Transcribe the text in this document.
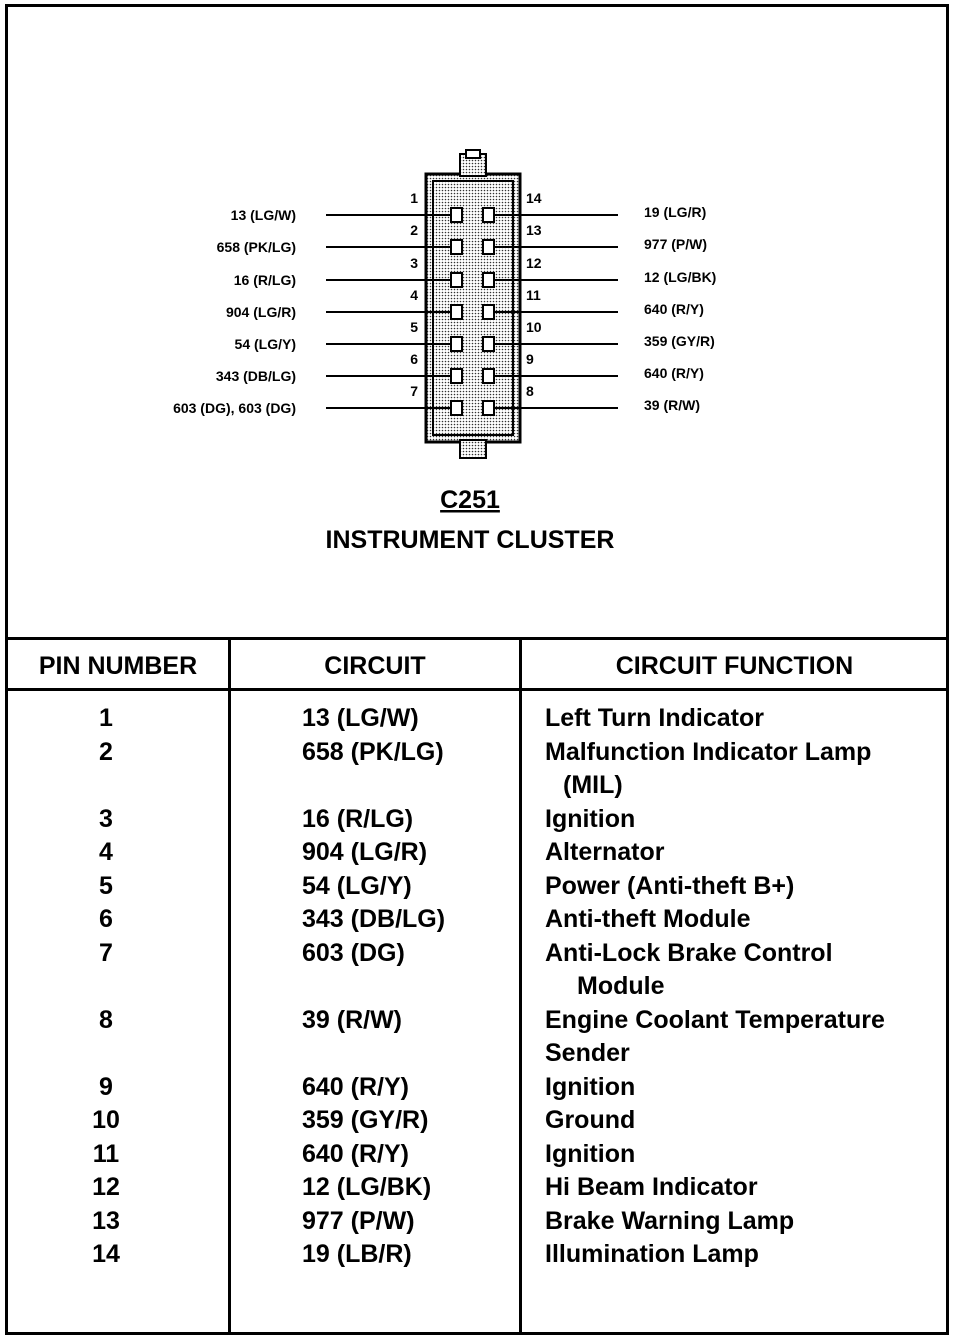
1
13 (LG/W)
2
658 (PK/LG)
3
16 (R/LG)
4
904 (LG/R)
5
54 (LG/Y)
6
343 (DB/LG)
7
603 (DG), 603 (DG)
14
19 (LG/R)
13
977 (P/W)
12
12 (LG/BK)
11
640 (R/Y)
10
359 (GY/R)
9
640 (R/Y)
8
39 (R/W)
C251
INSTRUMENT CLUSTER
PIN NUMBER	CIRCUIT	CIRCUIT FUNCTION
1	13 (LG/W)	Left Turn Indicator
2	658 (PK/LG)	Malfunction Indicator Lamp
(MIL)
3	16 (R/LG)	Ignition
4	904 (LG/R)	Alternator
5	54 (LG/Y)	Power (Anti-theft B+)
6	343 (DB/LG)	Anti-theft Module
7	603 (DG)	Anti-Lock Brake Control
Module
8	39 (R/W)	Engine Coolant Temperature
Sender
9	640 (R/Y)	Ignition
10	359 (GY/R)	Ground
11	640 (R/Y)	Ignition
12	12 (LG/BK)	Hi Beam Indicator
13	977 (P/W)	Brake Warning Lamp
14	19 (LB/R)	Illumination Lamp
